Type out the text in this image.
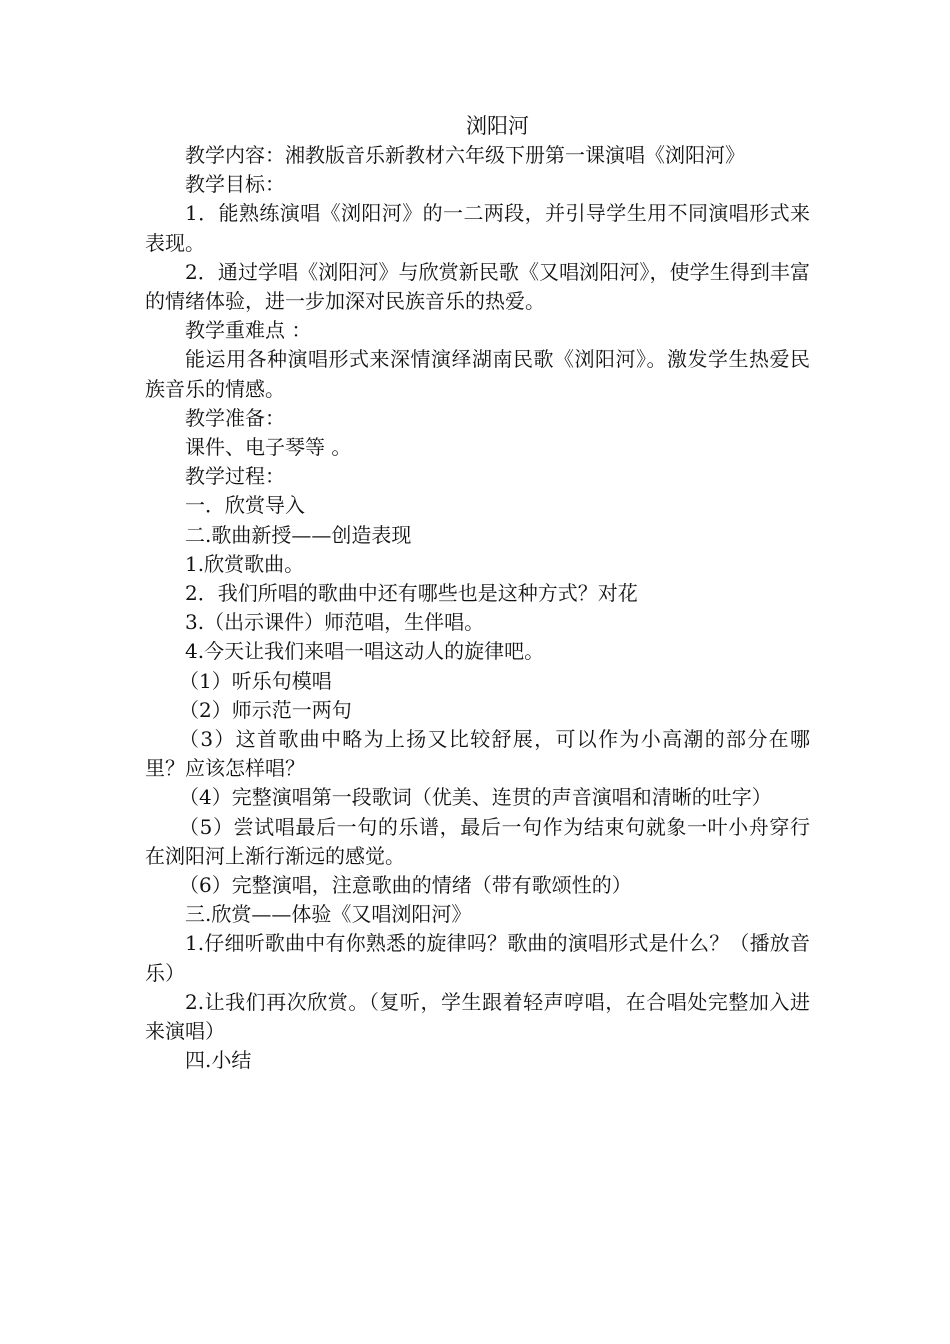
浏阳河

教学内容：湘教版音乐新教材六年级下册第一课演唱《浏阳河》

教学目标：

1．能熟练演唱《浏阳河》的一二两段，并引导学生用不同演唱形式来表现。

2．通过学唱《浏阳河》与欣赏新民歌《又唱浏阳河》，使学生得到丰富的情绪体验，进一步加深对民族音乐的热爱。

教学重难点 ：

能运用各种演唱形式来深情演绎湖南民歌《浏阳河》。激发学生热爱民族音乐的情感。

教学准备：

课件、电子琴等 。

教学过程：

一．欣赏导入

二.歌曲新授——创造表现

1.欣赏歌曲。

2．我们所唱的歌曲中还有哪些也是这种方式？对花

3.（出示课件）师范唱，生伴唱。

4.今天让我们来唱一唱这动人的旋律吧。

（1）听乐句模唱

（2）师示范一两句

（3）这首歌曲中略为上扬又比较舒展，可以作为小高潮的部分在哪里？应该怎样唱？

（4）完整演唱第一段歌词（优美、连贯的声音演唱和清晰的吐字）

（5）尝试唱最后一句的乐谱，最后一句作为结束句就象一叶小舟穿行在浏阳河上渐行渐远的感觉。

（6）完整演唱，注意歌曲的情绪（带有歌颂性的）

三.欣赏——体验《又唱浏阳河》

1.仔细听歌曲中有你熟悉的旋律吗？歌曲的演唱形式是什么？（播放音乐）

2.让我们再次欣赏。（复听，学生跟着轻声哼唱，在合唱处完整加入进来演唱）

四.小结
